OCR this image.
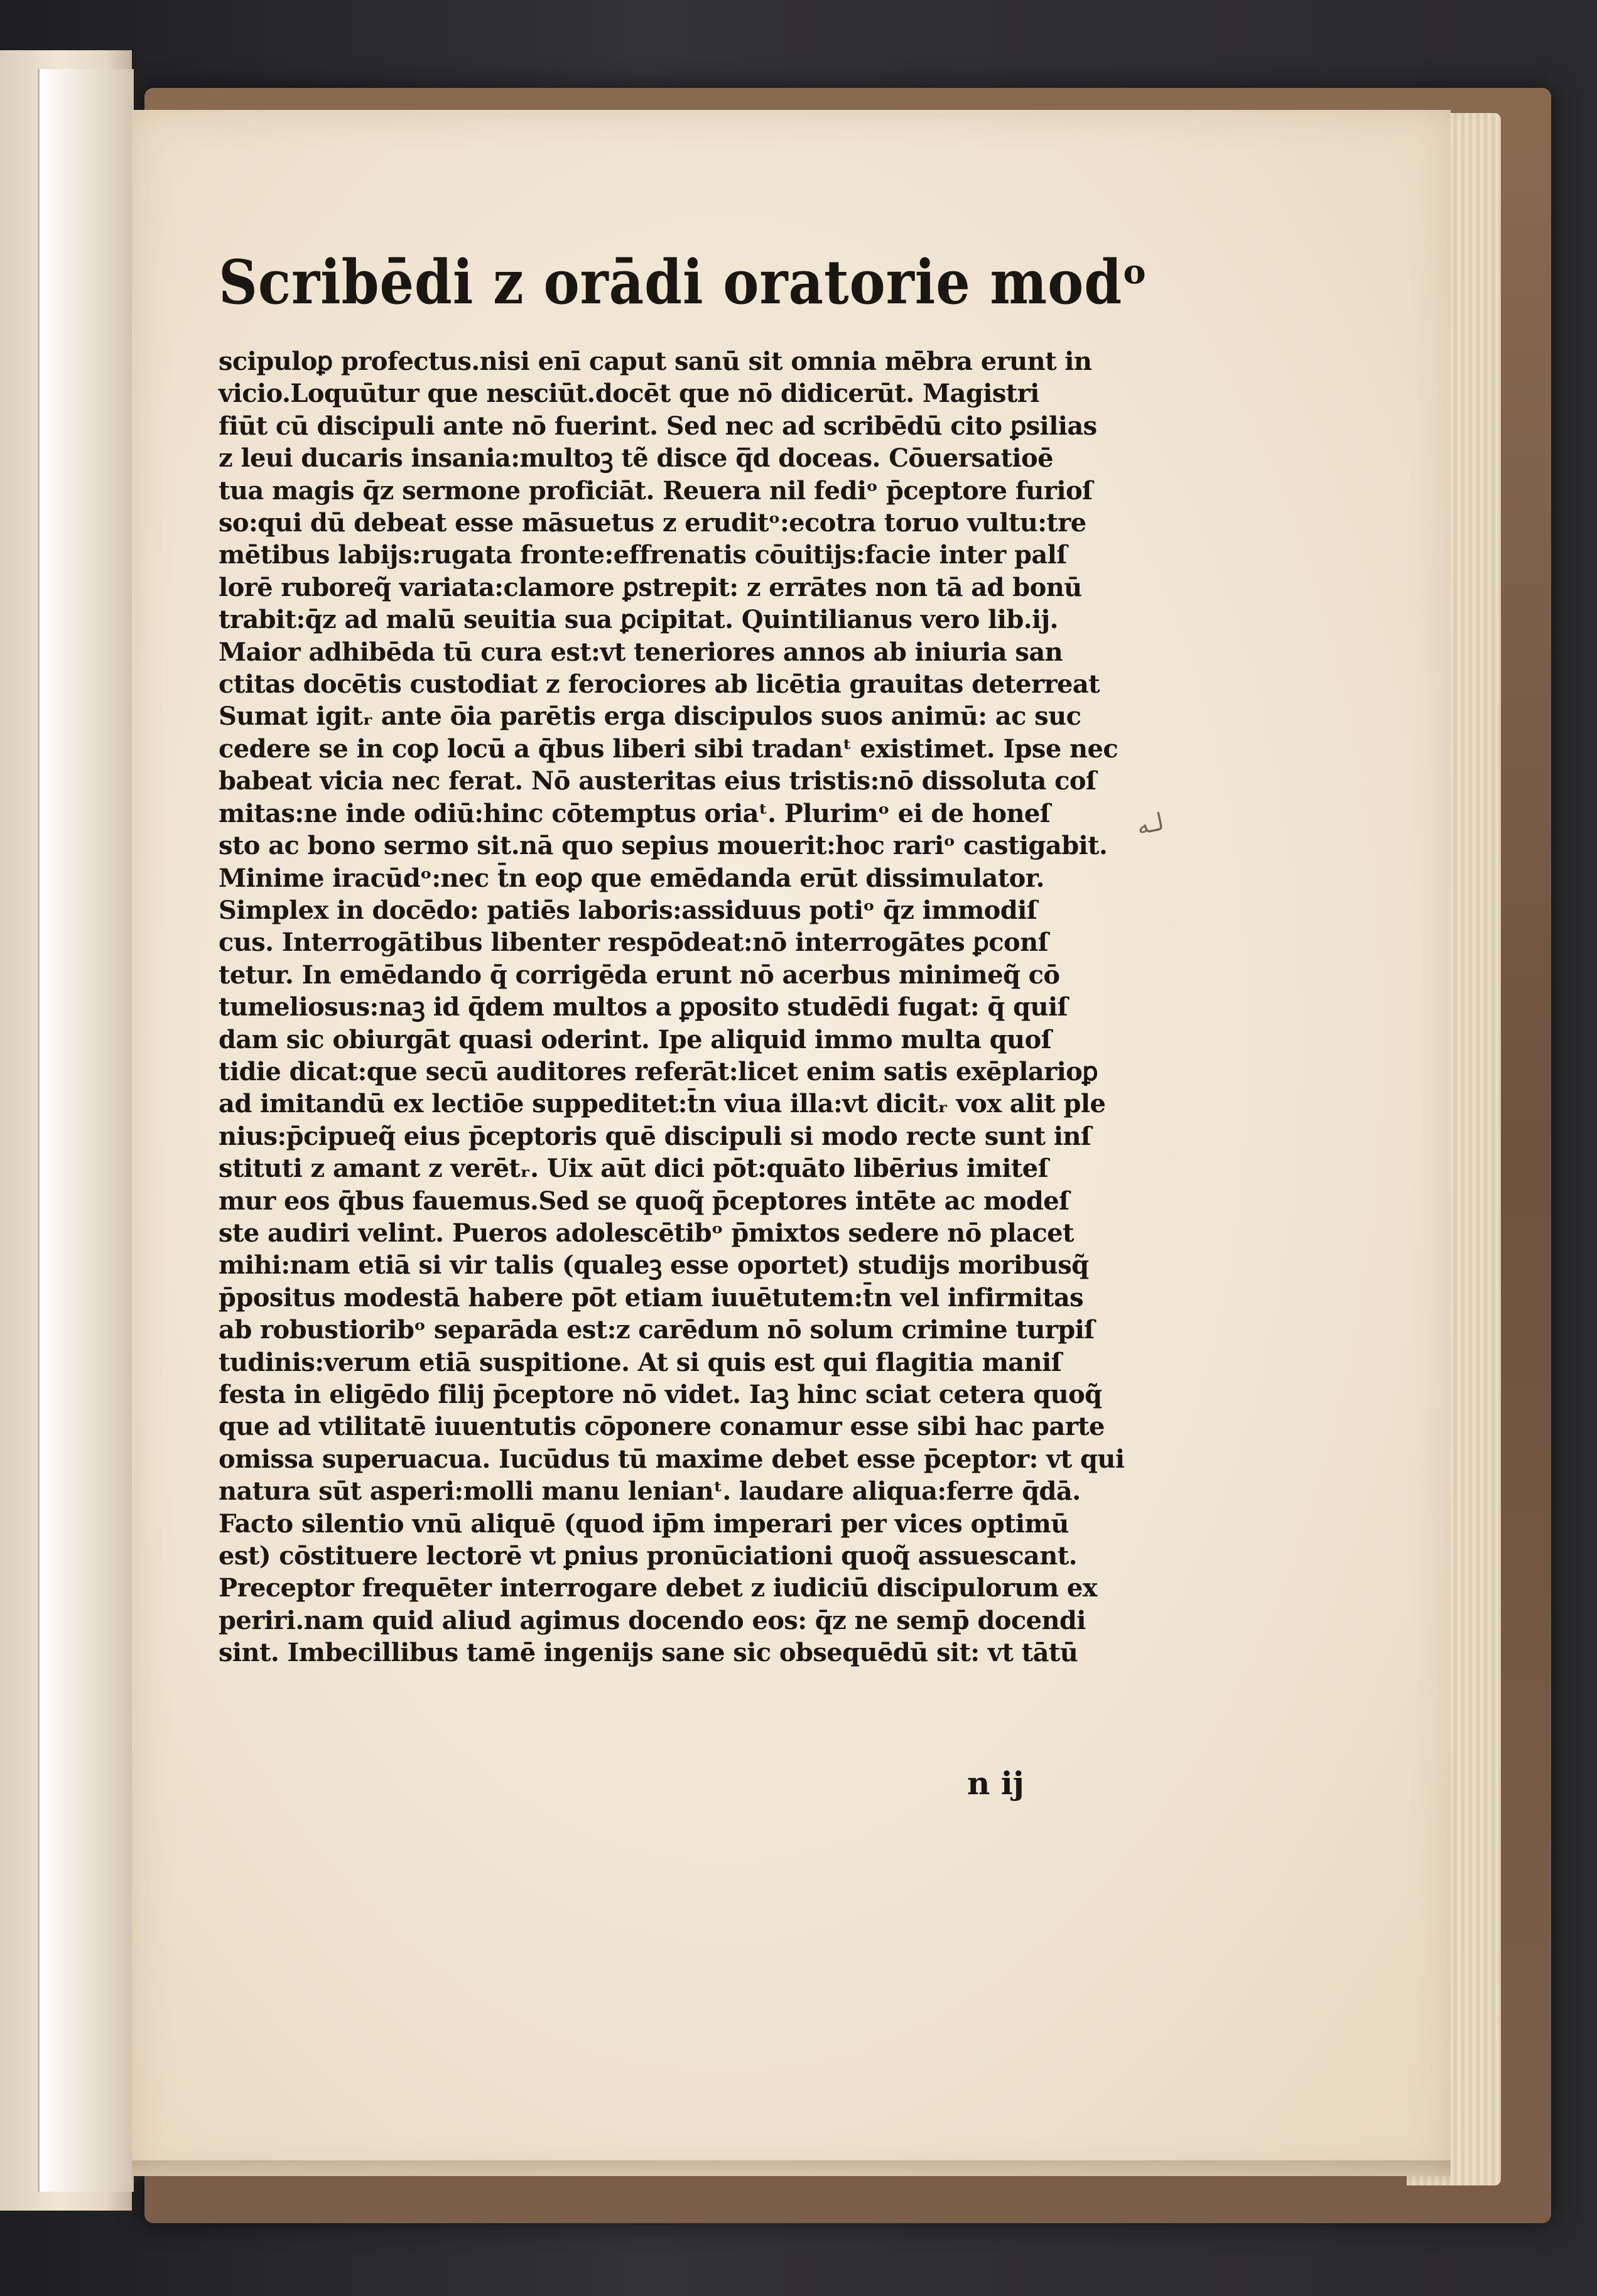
Scribēdi z orādi oratorie modᵒ
scipuloꝑ profectus.nisi enī caput sanū sit omnia mēbra erunt in
vicio.Loquūtur que nesciūt.docēt que nō didicerūt. Magistri
fiūt cū discipuli ante nō fuerint. Sed nec ad scribēdū cito ꝑsilias
z leui ducaris insania:multoꝫ tẽ disce q̅d doceas. Cōuersatioē
tua magis q̄z sermone proficiāt. Reuera nil fediᵒ p̄ceptore furioſ
so:qui dū debeat esse māsuetus z eruditᵒ:ecotra toruo vultu:tre
mētibus labijs:rugata fronte:effrenatis cōuitijs:facie inter palſ
lorē ruboreq̃ variata:clamore ꝑstrepit: z errātes non tā ad bonū
trabit:q̄z ad malū seuitia sua ꝑcipitat. Quintilianus vero lib.ij.
Maior adhibēda tū cura est:vt teneriores annos ab iniuria san
ctitas docētis custodiat z ferociores ab licētia grauitas deterreat
Sumat igitᵣ ante ōia parētis erga discipulos suos animū: ac suc
cedere se in coꝑ locū a q̄bus liberi sibi tradanᵗ existimet. Ipse nec
babeat vicia nec ferat. Nō austeritas eius tristis:nō dissoluta coſ
mitas:ne inde odiū:hinc cōtemptus oriaᵗ. Plurimᵒ ei de honeſ
sto ac bono sermo sit.nā quo sepius mouerit:hoc rariᵒ castigabit.
Minime iracūdᵒ:nec t̄n eoꝑ que emēdanda erūt dissimulator.
Simplex in docēdo: patiēs laboris:assiduus potiᵒ q̄z immodiſ
cus. Interrogātibus libenter respōdeat:nō interrogātes ꝑconſ
tetur. In emēdando q̄ corrigēda erunt nō acerbus minimeq̃ cō
tumeliosus:naꝫ id q̄dem multos a ꝑposito studēdi fugat: q̄ quiſ
dam sic obiurgāt quasi oderint. Ipe aliquid immo multa quoſ
tidie dicat:que secū auditores referāt:licet enim satis exēplarioꝑ
ad imitandū ex lectiōe suppeditet:t̄n viua illa:vt dicitᵣ vox alit ple
nius:p̄cipueq̃ eius p̄ceptoris quē discipuli si modo recte sunt inſ
stituti z amant z verētᵣ. Uix aūt dici pōt:quāto libērius imiteſ
mur eos q̄bus fauemus.Sed se quoq̃ p̄ceptores intēte ac modeſ
ste audiri velint. Pueros adolescētibᵒ p̄mixtos sedere nō placet
mihi:nam etiā si vir talis (qualeꝫ esse oportet) studijs moribusq̃
p̄positus modestā habere pōt etiam iuuētutem:t̄n vel infirmitas
ab robustioribᵒ separāda est:z carēdum nō solum crimine turpiſ
tudinis:verum etiā suspitione. At si quis est qui flagitia maniſ
festa in eligēdo filij p̄ceptore nō videt. Iaꝫ hinc sciat cetera quoq̃
que ad vtilitatē iuuentutis cōponere conamur esse sibi hac parte
omissa superuacua. Iucūdus tū maxime debet esse p̄ceptor: vt qui
natura sūt asperi:molli manu lenianᵗ. laudare aliqua:ferre q̄dā.
Facto silentio vnū aliquē (quod ip̄m imperari per vices optimū
est) cōstituere lectorē vt ꝑnius pronūciationi quoq̃ assuescant.
Preceptor frequēter interrogare debet z iudiciū discipulorum ex
periri.nam quid aliud agimus docendo eos: q̄z ne semp̄ docendi
sint. Imbecillibus tamē ingenijs sane sic obsequēdū sit: vt tātū
n ij
لـه
